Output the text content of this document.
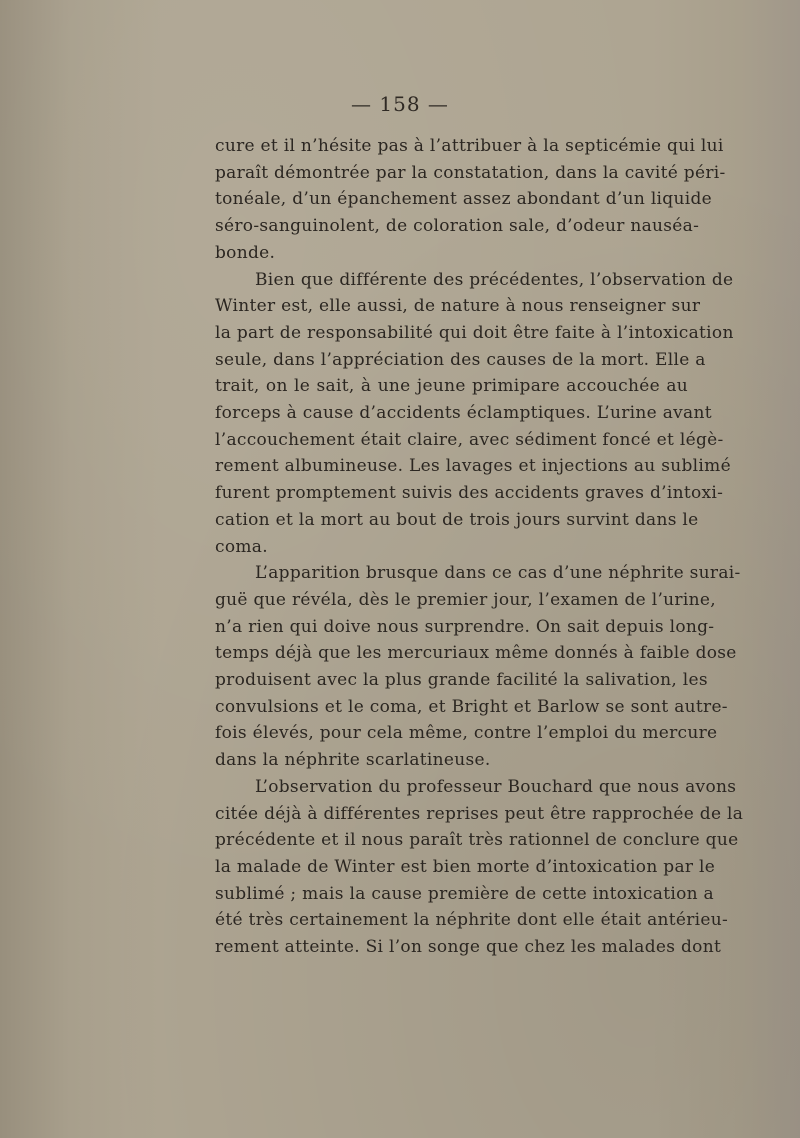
— 158 —
cure et il n’hésite pas à l’attribuer à la septicémie qui lui
paraît démontrée par la constatation, dans la cavité péri-
tonéale, d’un épanchement assez abondant d’un liquide
séro-sanguinolent, de coloration sale, d’odeur nauséa-
bonde.
Bien que différente des précédentes, l’observation de
Winter est, elle aussi, de nature à nous renseigner sur
la part de responsabilité qui doit être faite à l’intoxication
seule, dans l’appréciation des causes de la mort. Elle a
trait, on le sait, à une jeune primipare accouchée au
forceps à cause d’accidents éclamptiques. L’urine avant
l’accouchement était claire, avec sédiment foncé et légè-
rement albumineuse. Les lavages et injections au sublimé
furent promptement suivis des accidents graves d’intoxi-
cation et la mort au bout de trois jours survint dans le
coma.
L’apparition brusque dans ce cas d’une néphrite surai-
guë que révéla, dès le premier jour, l’examen de l’urine,
n’a rien qui doive nous surprendre. On sait depuis long-
temps déjà que les mercuriaux même donnés à faible dose
produisent avec la plus grande facilité la salivation, les
convulsions et le coma, et Bright et Barlow se sont autre-
fois élevés, pour cela même, contre l’emploi du mercure
dans la néphrite scarlatineuse.
L’observation du professeur Bouchard que nous avons
citée déjà à différentes reprises peut être rapprochée de la
précédente et il nous paraît très rationnel de conclure que
la malade de Winter est bien morte d’intoxication par le
sublimé ; mais la cause première de cette intoxication a
été très certainement la néphrite dont elle était antérieu-
rement atteinte. Si l’on songe que chez les malades dont
